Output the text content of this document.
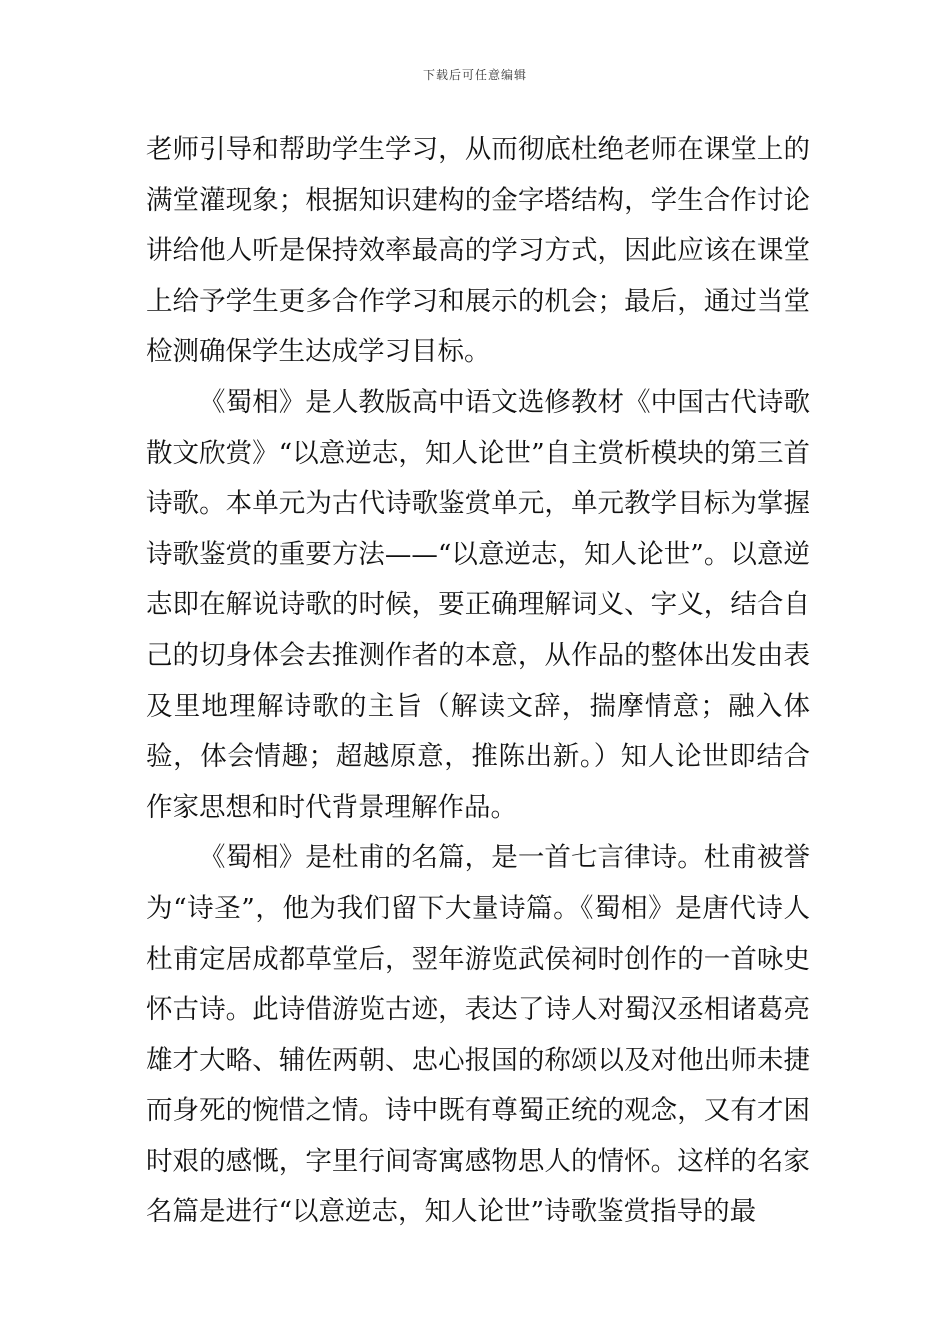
下载后可任意编辑

老师引导和帮助学生学习，从而彻底杜绝老师在课堂上的满堂灌现象；根据知识建构的金字塔结构，学生合作讨论讲给他人听是保持效率最高的学习方式，因此应该在课堂上给予学生更多合作学习和展示的机会；最后，通过当堂检测确保学生达成学习目标。

《蜀相》是人教版高中语文选修教材《中国古代诗歌散文欣赏》“以意逆志，知人论世”自主赏析模块的第三首诗歌。本单元为古代诗歌鉴赏单元，单元教学目标为掌握诗歌鉴赏的重要方法——“以意逆志，知人论世”。以意逆志即在解说诗歌的时候，要正确理解词义、字义，结合自己的切身体会去推测作者的本意，从作品的整体出发由表及里地理解诗歌的主旨（解读文辞，揣摩情意；融入体验，体会情趣；超越原意，推陈出新。）知人论世即结合作家思想和时代背景理解作品。

《蜀相》是杜甫的名篇，是一首七言律诗。杜甫被誉为“诗圣”，他为我们留下大量诗篇。《蜀相》是唐代诗人杜甫定居成都草堂后，翌年游览武侯祠时创作的一首咏史怀古诗。此诗借游览古迹，表达了诗人对蜀汉丞相诸葛亮雄才大略、辅佐两朝、忠心报国的称颂以及对他出师未捷而身死的惋惜之情。诗中既有尊蜀正统的观念，又有才困时艰的感慨，字里行间寄寓感物思人的情怀。这样的名家名篇是进行“以意逆志，知人论世”诗歌鉴赏指导的最
